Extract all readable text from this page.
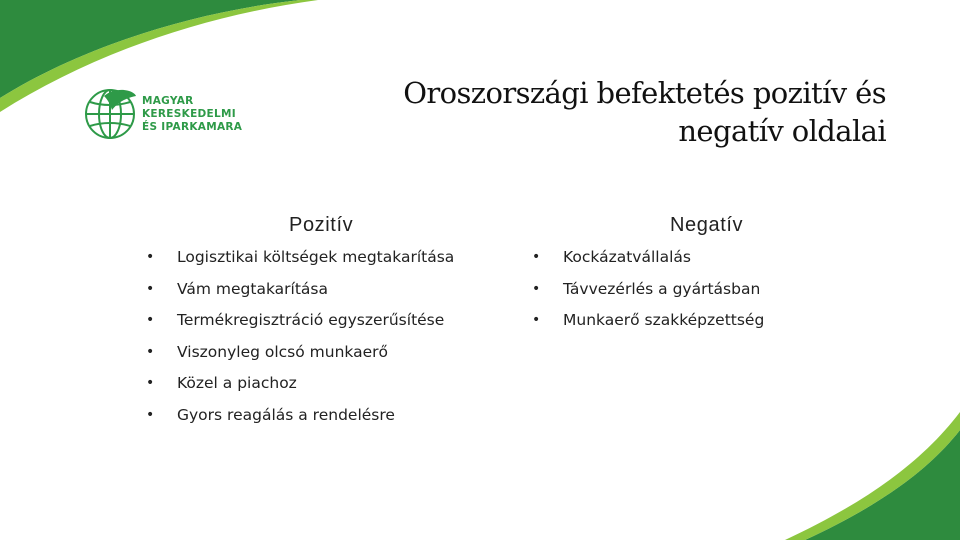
MAGYAR
KERESKEDELMI
ÉS IPARKAMARA
Oroszországi befektetés pozitív és
negatív oldalai
Pozitív	Negatív
• Logisztikai költségek megtakarítása
• Vám megtakarítása
• Termékregisztráció egyszerűsítése
• Viszonyleg olcsó munkaerő
• Közel a piachoz
• Gyors reagálás a rendelésre
• Kockázatvállalás
• Távvezérlés a gyártásban
• Munkaerő szakképzettség
